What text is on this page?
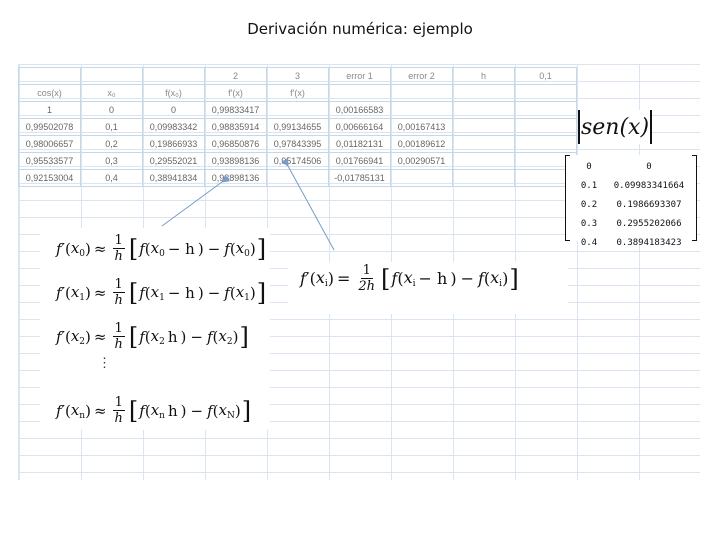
Derivación numérica: ejemplo
			2	3	error 1	error 2	h	0,1
cos(x)	x₀	f(x₀)	f'(x)	f'(x)				
1	0	0	0,99833417		0,00166583			
0,99502078	0,1	0,09983342	0,98835914	0,99134655	0,00666164	0,00167413		
0,98006657	0,2	0,19866933	0,96850876	0,97843395	0,01182131	0,00189612		
0,95533577	0,3	0,29552021	0,93898136	0,95174506	0,01766941	0,00290571		
0,92153004	0,4	0,38941834	0,93898136		-0,01785131			
sen(x)
0	0
0.1	0.09983341664
0.2	0.1986693307
0.3	0.2955202066
0.4	0.3894183423
f′ ( $x_0$ ) ≈ $\frac{1}{h}$ [ f ( $x_0 - h$ ) − f ( $x_0$ ) ]
f′ ( $x_1$ ) ≈ $\frac{1}{h}$ [ f ( $x_1 - h$ ) − f ( $x_1$ ) ]
f′ ( $x_2$ ) ≈ $\frac{1}{h}$ [ f ( $x_2$ h ) − f ( $x_2$ ) ]
f′ ( $x_n$ ) ≈ $\frac{1}{h}$ [ f ( $x_n$ h ) − f ( $x_N$ ) ]
f′ ( $x_i$ ) = $\frac{1}{2h}$ [ f ( $x_i - h$ ) − f ( $x_i$ ) ]
⋮
